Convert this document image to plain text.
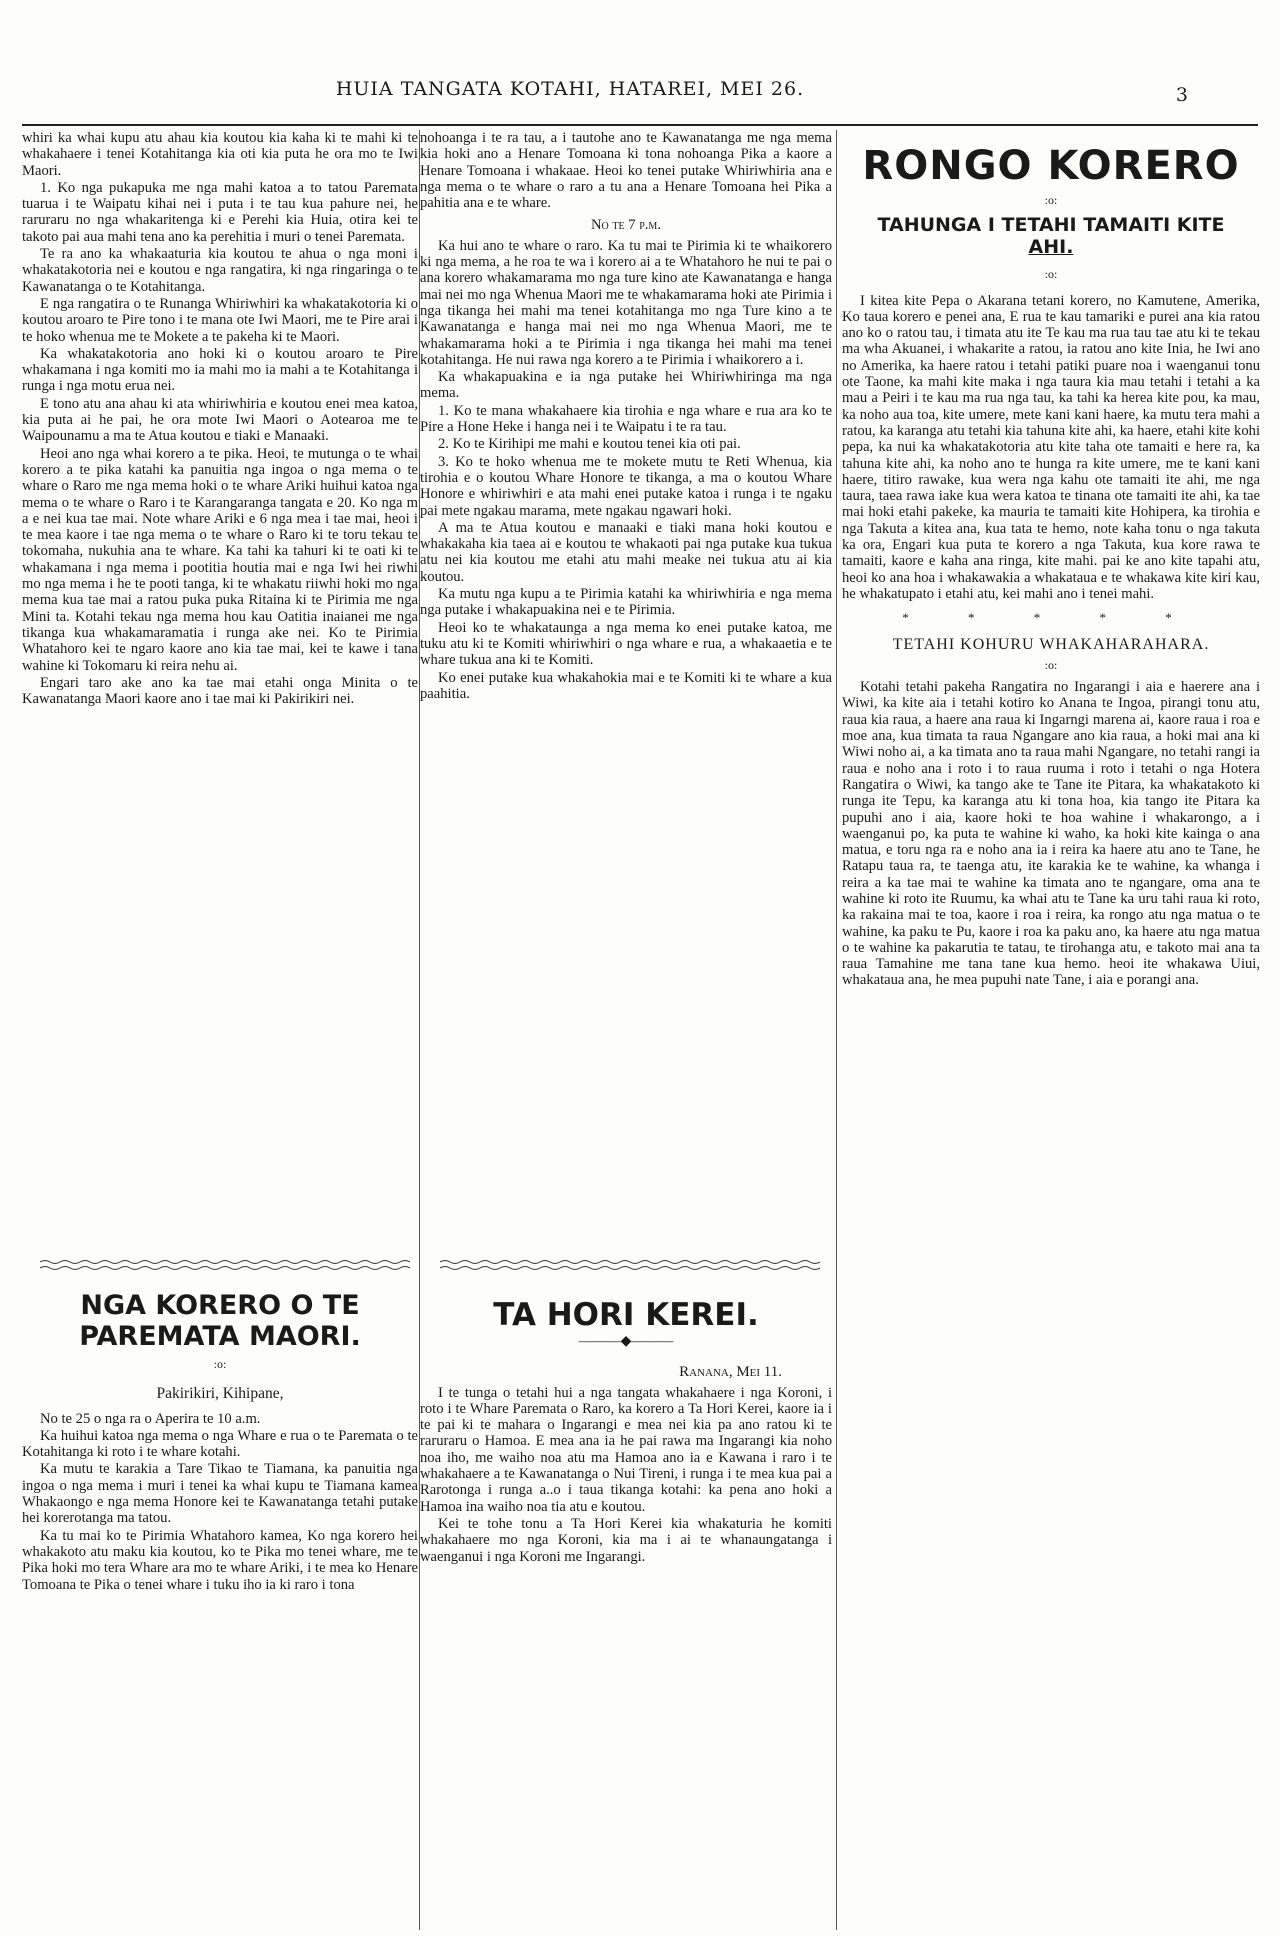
HUIA TANGATA KOTAHI, HATAREI, MEI 26.	3

whiri ka whai kupu atu ahau kia koutou kia kaha ki te mahi ki te whakahaere i tenei Kotahitanga kia oti kia puta he ora mo te Iwi Maori.

1. Ko nga pukapuka me nga mahi katoa a to tatou Paremata tuarua i te Waipatu kihai nei i puta i te tau kua pahure nei, he raruraru no nga whakaritenga ki e Perehi kia Huia, otira kei te takoto pai aua mahi tena ano ka perehitia i muri o tenei Paremata.

Te ra ano ka whakaaturia kia koutou te ahua o nga moni i whakatakotoria nei e koutou e nga rangatira, ki nga ringaringa o te Kawanatanga o te Kotahitanga.

E nga rangatira o te Runanga Whiriwhiri ka whakatakotoria ki o koutou aroaro te Pire tono i te mana ote Iwi Maori, me te Pire arai i te hoko whenua me te Mokete a te pakeha ki te Maori.

Ka whakatakotoria ano hoki ki o koutou aroaro te Pire whakamana i nga komiti mo ia mahi mo ia mahi a te Kotahitanga i runga i nga motu erua nei.

E tono atu ana ahau ki ata whiriwhiria e koutou enei mea katoa, kia puta ai he pai, he ora mote Iwi Maori o Aotearoa me te Waipounamu a ma te Atua koutou e tiaki e Manaaki.

Heoi ano nga whai korero a te pika. Heoi, te mutunga o te whai korero a te pika katahi ka panuitia nga ingoa o nga mema o te whare o Raro me nga mema hoki o te whare Ariki huihui katoa nga mema o te whare o Raro i te Karangaranga tangata e 20. Ko nga m a e nei kua tae mai. Note whare Ariki e 6 nga mea i tae mai, heoi i te mea kaore i tae nga mema o te whare o Raro ki te toru tekau te tokomaha, nukuhia ana te whare. Ka tahi ka tahuri ki te oati ki te whakamana i nga mema i pootitia houtia mai e nga Iwi hei riwhi mo nga mema i he te pooti tanga, ki te whakatu riiwhi hoki mo nga mema kua tae mai a ratou puka puka Ritaina ki te Pirimia me nga Mini ta. Kotahi tekau nga mema hou kau Oatitia inaianei me nga tikanga kua whakamaramatia i runga ake nei. Ko te Pirimia Whatahoro kei te ngaro kaore ano kia tae mai, kei te kawe i tana wahine ki Tokomaru ki reira nehu ai.

Engari taro ake ano ka tae mai etahi onga Minita o te Kawanatanga Maori kaore ano i tae mai ki Pakirikiri nei.

NGA KORERO O TE PAREMATA MAORI.
:o:
Pakirikiri, Kihipane,

No te 25 o nga ra o Aperira te 10 a.m.

Ka huihui katoa nga mema o nga Whare e rua o te Paremata o te Kotahitanga ki roto i te whare kotahi.

Ka mutu te karakia a Tare Tikao te Tiamana, ka panuitia nga ingoa o nga mema i muri i tenei ka whai kupu te Tiamana kamea Whakaongo e nga mema Honore kei te Kawanatanga tetahi putake hei korerotanga ma tatou.

Ka tu mai ko te Pirimia Whatahoro kamea, Ko nga korero hei whakakoto atu maku kia koutou, ko te Pika mo tenei whare, me te Pika hoki mo tera Whare ara mo te whare Ariki, i te mea ko Henare Tomoana te Pika o tenei whare i tuku iho ia ki raro i tona

nohoanga i te ra tau, a i tautohe ano te Kawanatanga me nga mema kia hoki ano a Henare Tomoana ki tona nohoanga Pika a kaore a Henare Tomoana i whakaae. Heoi ko tenei putake Whiriwhiria ana e nga mema o te whare o raro a tu ana a Henare Tomoana hei Pika a pahitia ana e te whare.

No te 7 p.m.

Ka hui ano te whare o raro. Ka tu mai te Pirimia ki te whaikorero ki nga mema, a he roa te wa i korero ai a te Whatahoro he nui te pai o ana korero whakamarama mo nga ture kino ate Kawanatanga e hanga mai nei mo nga Whenua Maori me te whakamarama hoki ate Pirimia i nga tikanga hei mahi ma tenei kotahitanga mo nga Ture kino a te Kawanatanga e hanga mai nei mo nga Whenua Maori, me te whakamarama hoki a te Pirimia i nga tikanga hei mahi ma tenei kotahitanga. He nui rawa nga korero a te Pirimia i whaikorero a i.

Ka whakapuakina e ia nga putake hei Whiriwhiringa ma nga mema.

1. Ko te mana whakahaere kia tirohia e nga whare e rua ara ko te Pire a Hone Heke i hanga nei i te Waipatu i te ra tau.

2. Ko te Kirihipi me mahi e koutou tenei kia oti pai.

3. Ko te hoko whenua me te mokete mutu te Reti Whenua, kia tirohia e o koutou Whare Honore te tikanga, a ma o koutou Whare Honore e whiriwhiri e ata mahi enei putake katoa i runga i te ngaku pai mete ngakau marama, mete ngakau ngawari hoki.

A ma te Atua koutou e manaaki e tiaki mana hoki koutou e whakakaha kia taea ai e koutou te whakaoti pai nga putake kua tukua atu nei kia koutou me etahi atu mahi meake nei tukua atu ai kia koutou.

Ka mutu nga kupu a te Pirimia katahi ka whiriwhiria e nga mema nga putake i whakapuakina nei e te Pirimia.

Heoi ko te whakataunga a nga mema ko enei putake katoa, me tuku atu ki te Komiti whiriwhiri o nga whare e rua, a whakaaetia e te whare tukua ana ki te Komiti.

Ko enei putake kua whakahokia mai e te Komiti ki te whare a kua paahitia.

TA HORI KEREI.
———◆———
Ranana, Mei 11.

I te tunga o tetahi hui a nga tangata whakahaere i nga Koroni, i roto i te Whare Paremata o Raro, ka korero a Ta Hori Kerei, kaore ia i te pai ki te mahara o Ingarangi e mea nei kia pa ano ratou ki te raruraru o Hamoa. E mea ana ia he pai rawa ma Ingarangi kia noho noa iho, me waiho noa atu ma Hamoa ano ia e Kawana i raro i te whakahaere a te Kawanatanga o Nui Tireni, i runga i te mea kua pai a Rarotonga i runga a..o i taua tikanga kotahi: ka pena ano hoki a Hamoa ina waiho noa tia atu e koutou.

Kei te tohe tonu a Ta Hori Kerei kia whakaturia he komiti whakahaere mo nga Koroni, kia ma i ai te whanaungatanga i waenganui i nga Koroni me Ingarangi.

RONGO KORERO
:o:
TAHUNGA I TETAHI TAMAITI KITE
AHI.
:o:

I kitea kite Pepa o Akarana tetani korero, no Kamutene, Amerika, Ko taua korero e penei ana, E rua te kau tamariki e purei ana kia ratou ano ko o ratou tau, i timata atu ite Te kau ma rua tau tae atu ki te tekau ma wha Akuanei, i whakarite a ratou, ia ratou ano kite Inia, he Iwi ano no Amerika, ka haere ratou i tetahi patiki puare noa i waenganui tonu ote Taone, ka mahi kite maka i nga taura kia mau tetahi i tetahi a ka mau a Peiri i te kau ma rua nga tau, ka tahi ka herea kite pou, ka mau, ka noho aua toa, kite umere, mete kani kani haere, ka mutu tera mahi a ratou, ka karanga atu tetahi kia tahuna kite ahi, ka haere, etahi kite kohi pepa, ka nui ka whakatakotoria atu kite taha ote tamaiti e here ra, ka tahuna kite ahi, ka noho ano te hunga ra kite umere, me te kani kani haere, titiro rawake, kua wera nga kahu ote tamaiti ite ahi, me nga taura, taea rawa iake kua wera katoa te tinana ote tamaiti ite ahi, ka tae mai hoki etahi pakeke, ka mauria te tamaiti kite Hohipera, ka tirohia e nga Takuta a kitea ana, kua tata te hemo, note kaha tonu o nga takuta ka ora, Engari kua puta te korero a nga Takuta, kua kore rawa te tamaiti, kaore e kaha ana ringa, kite mahi. pai ke ano kite tapahi atu, heoi ko ana hoa i whakawakia a whakataua e te whakawa kite kiri kau, he whakatupato i etahi atu, kei mahi ano i tenei mahi.

* * * * *
TETAHI KOHURU WHAKAHARAHARA.
:o:

Kotahi tetahi pakeha Rangatira no Ingarangi i aia e haerere ana i Wiwi, ka kite aia i tetahi kotiro ko Anana te Ingoa, pirangi tonu atu, raua kia raua, a haere ana raua ki Ingarngi marena ai, kaore raua i roa e moe ana, kua timata ta raua Ngangare ano kia raua, a hoki mai ana ki Wiwi noho ai, a ka timata ano ta raua mahi Ngangare, no tetahi rangi ia raua e noho ana i roto i to raua ruuma i roto i tetahi o nga Hotera Rangatira o Wiwi, ka tango ake te Tane ite Pitara, ka whakatakoto ki runga ite Tepu, ka karanga atu ki tona hoa, kia tango ite Pitara ka pupuhi ano i aia, kaore hoki te hoa wahine i whakarongo, a i waenganui po, ka puta te wahine ki waho, ka hoki kite kainga o ana matua, e toru nga ra e noho ana ia i reira ka haere atu ano te Tane, he Ratapu taua ra, te taenga atu, ite karakia ke te wahine, ka whanga i reira a ka tae mai te wahine ka timata ano te ngangare, oma ana te wahine ki roto ite Ruumu, ka whai atu te Tane ka uru tahi raua ki roto, ka rakaina mai te toa, kaore i roa i reira, ka rongo atu nga matua o te wahine, ka paku te Pu, kaore i roa ka paku ano, ka haere atu nga matua o te wahine ka pakarutia te tatau, te tirohanga atu, e takoto mai ana ta raua Tamahine me tana tane kua hemo. heoi ite whakawa Uiui, whakataua ana, he mea pupuhi nate Tane, i aia e porangi ana.
